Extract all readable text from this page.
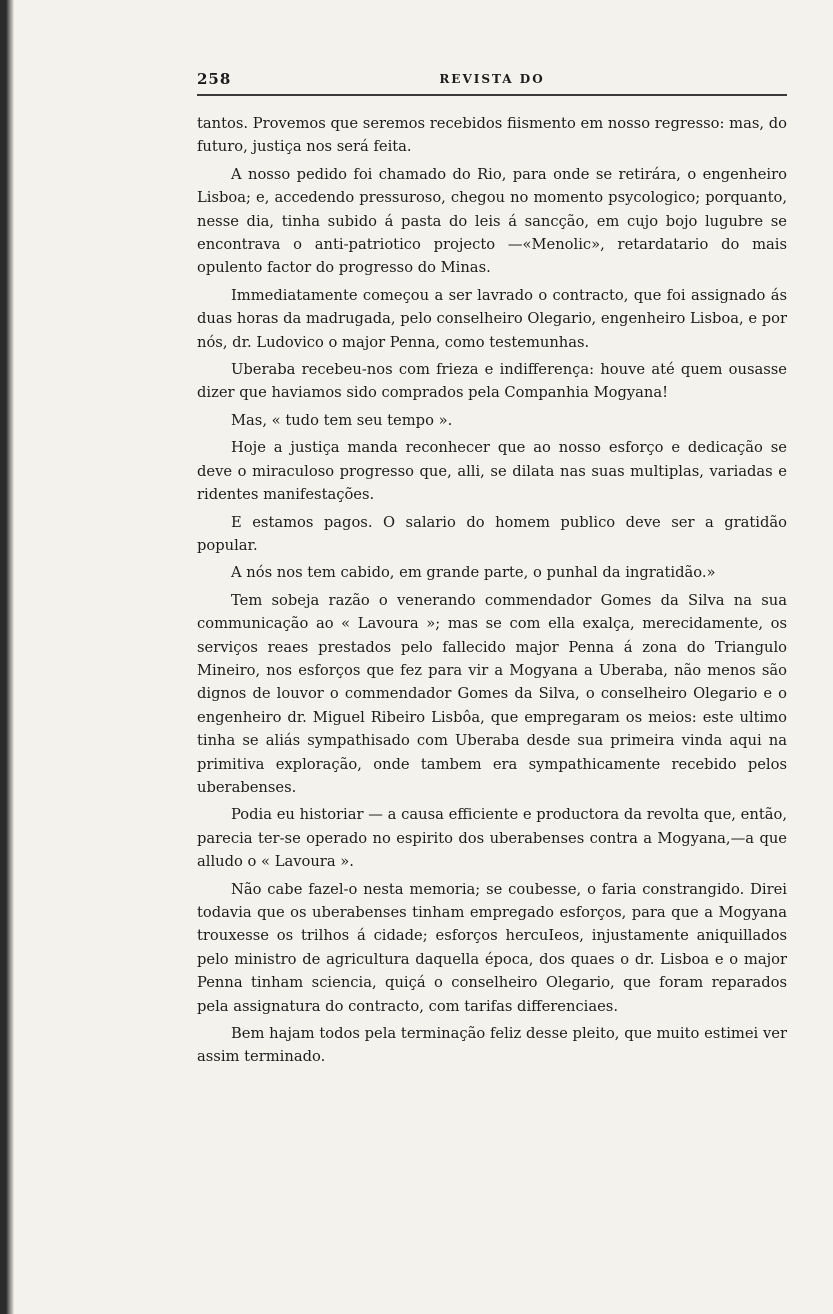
258	REVISTA DO

tantos. Provemos que seremos recebidos fiismento em nosso regresso: mas, do futuro, justiça nos será feita.

A nosso pedido foi chamado do Rio, para onde se retirára, o engenheiro Lisboa; e, accedendo pressuroso, chegou no momento psycologico; porquanto, nesse dia, tinha subido á pasta do leis á sancção, em cujo bojo lugubre se encontrava o anti-patriotico projecto —«Menolic», retardatario do mais opulento factor do progresso do Minas.

Immediatamente começou a ser lavrado o contracto, que foi assignado ás duas horas da madrugada, pelo conselheiro Olegario, engenheiro Lisboa, e por nós, dr. Ludovico o major Penna, como testemunhas.

Uberaba recebeu-nos com frieza e indifferença: houve até quem ousasse dizer que haviamos sido comprados pela Companhia Mogyana!

Mas, « tudo tem seu tempo ».

Hoje a justiça manda reconhecer que ao nosso esforço e dedicação se deve o miraculoso progresso que, alli, se dilata nas suas multiplas, variadas e ridentes manifestações.

E estamos pagos. O salario do homem publico deve ser a gratidão popular.

A nós nos tem cabido, em grande parte, o punhal da ingratidão.»

Tem sobeja razão o venerando commendador Gomes da Silva na sua communicação ao « Lavoura »; mas se com ella exalça, merecidamente, os serviços reaes prestados pelo fallecido major Penna á zona do Triangulo Mineiro, nos esforços que fez para vir a Mogyana a Uberaba, não menos são dignos de louvor o commendador Gomes da Silva, o conselheiro Olegario e o engenheiro dr. Miguel Ribeiro Lisbôa, que empregaram os meios: este ultimo tinha se aliás sympathisado com Uberaba desde sua primeira vinda aqui na primitiva exploração, onde tambem era sympathicamente recebido pelos uberabenses.

Podia eu historiar — a causa efficiente e productora da revolta que, então, parecia ter-se operado no espirito dos uberabenses contra a Mogyana,—a que alludo o « Lavoura ».

Não cabe fazel-o nesta memoria; se coubesse, o faria constrangido. Direi todavia que os uberabenses tinham empregado esforços, para que a Mogyana trouxesse os trilhos á cidade; esforços hercuIeos, injustamente aniquillados pelo ministro de agricultura daquella época, dos quaes o dr. Lisboa e o major Penna tinham sciencia, quiçá o conselheiro Olegario, que foram reparados pela assignatura do contracto, com tarifas differenciaes.

Bem hajam todos pela terminação feliz desse pleito, que muito estimei ver assim terminado.
